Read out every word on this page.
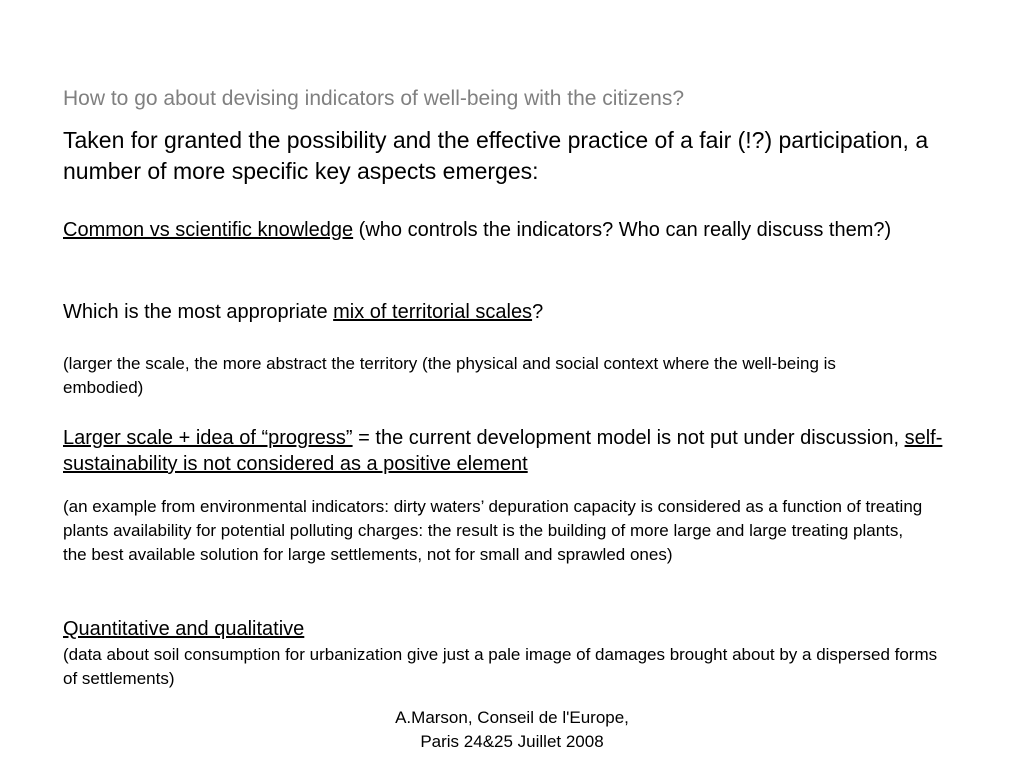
How to go about devising indicators of well-being with the citizens?
Taken for granted the possibility and the effective practice of a fair (!?) participation, a number of more specific key aspects emerges:
Common vs scientific knowledge (who controls the indicators? Who can really discuss them?)
Which is the most appropriate mix of territorial scales?
(larger the scale, the more abstract the territory (the physical and social context where the well-being is embodied)
Larger scale + idea of “progress” = the current development model is not put under discussion, self-sustainability is not considered as a positive element
(an example from environmental indicators: dirty waters’ depuration capacity is considered as a function of treating plants availability for potential polluting charges: the result is the building of more large and large treating plants, the best available solution for large settlements, not for small and sprawled ones)
Quantitative and qualitative
(data about soil consumption for urbanization give just a pale image of damages brought about by a dispersed forms of settlements)
A.Marson, Conseil de l'Europe,
Paris 24&25 Juillet 2008
